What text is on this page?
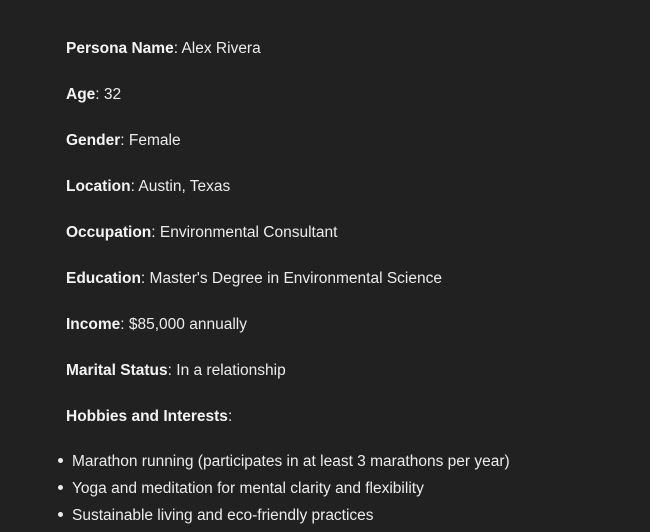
Persona Name: Alex Rivera
Age: 32
Gender: Female
Location: Austin, Texas
Occupation: Environmental Consultant
Education: Master's Degree in Environmental Science
Income: $85,000 annually
Marital Status: In a relationship
Hobbies and Interests:
Marathon running (participates in at least 3 marathons per year)
Yoga and meditation for mental clarity and flexibility
Sustainable living and eco-friendly practices
